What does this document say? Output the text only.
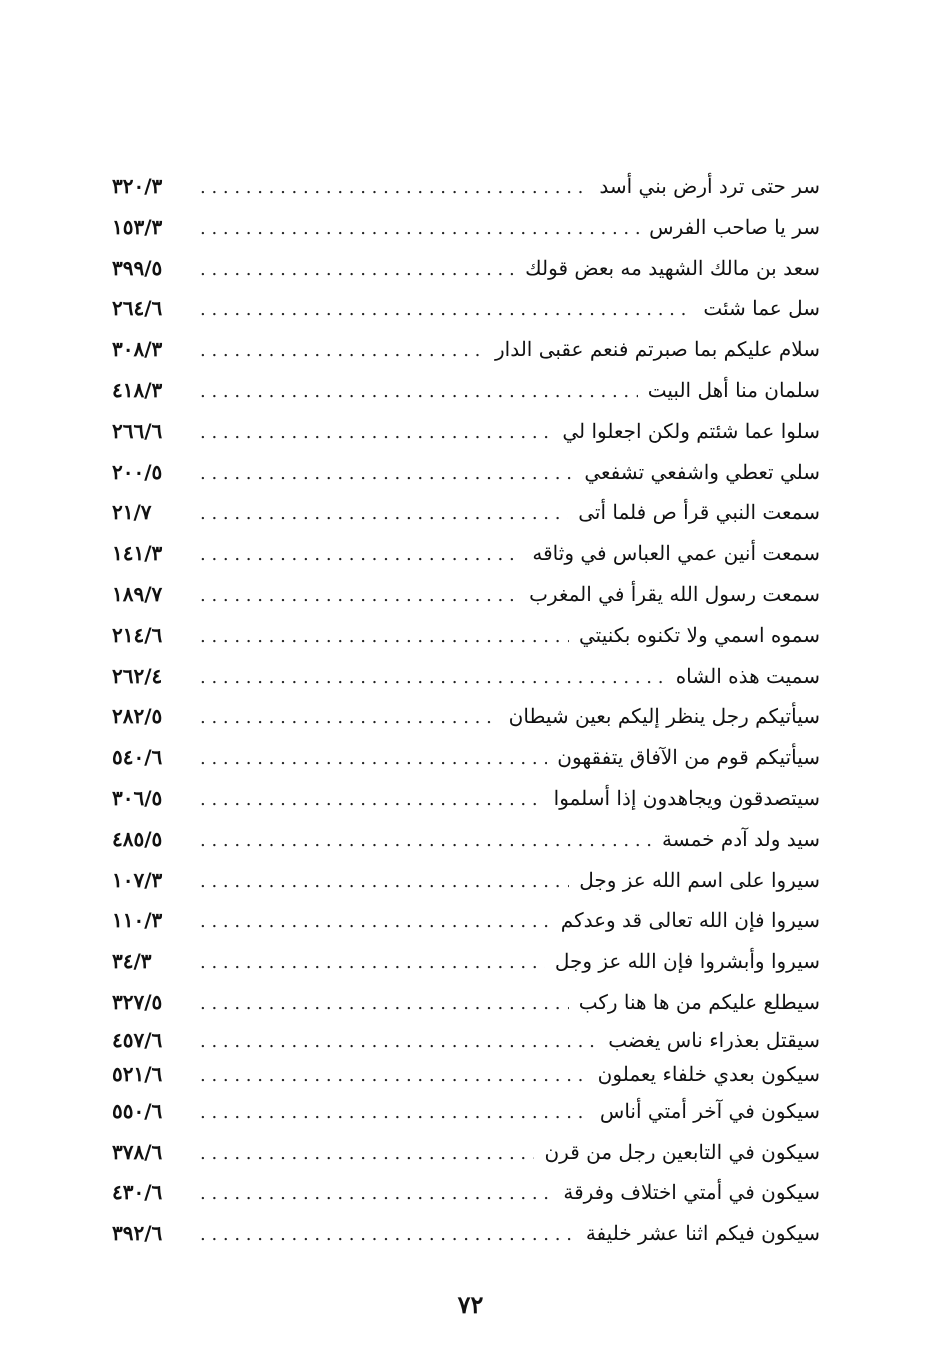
سر حتى ترد أرض بني أسد
. . .
٣٢٠/٣
سر يا صاحب الفرس
. . .
١٥٣/٣
سعد بن مالك الشهيد مه بعض قولك
. . .
٣٩٩/٥
سل عما شئت
. . .
٢٦٤/٦
سلام عليكم بما صبرتم فنعم عقبى الدار
. . .
٣٠٨/٣
سلمان منا أهل البيت
. . .
٤١٨/٣
سلوا عما شئتم ولكن اجعلوا لي
. . .
٢٦٦/٦
سلي تعطي واشفعي تشفعي
. . .
٢٠٠/٥
سمعت النبي قرأ ص فلما أتى
. . .
٢١/٧
سمعت أنين عمي العباس في وثاقه
. . .
١٤١/٣
سمعت رسول الله يقرأ في المغرب
. . .
١٨٩/٧
سموه اسمي ولا تكنوه بكنيتي
. . .
٢١٤/٦
سميت هذه الشاه
. . .
٢٦٢/٤
سيأتيكم رجل ينظر إليكم بعين شيطان
. . .
٢٨٢/٥
سيأتيكم قوم من الآفاق يتفقهون
. . .
٥٤٠/٦
سيتصدقون ويجاهدون إذا أسلموا
. . .
٣٠٦/٥
سيد ولد آدم خمسة
. . .
٤٨٥/٥
سيروا على اسم الله عز وجل
. . .
١٠٧/٣
سيروا فإن الله تعالى قد وعدكم
. . .
١١٠/٣
سيروا وأبشروا فإن الله عز وجل
. . .
٣٤/٣
سيطلع عليكم من ها هنا ركب
. . .
٣٢٧/٥
سيقتل بعذراء ناس يغضب
. . .
٤٥٧/٦
سيكون بعدي خلفاء يعملون
. . .
٥٢١/٦
سيكون في آخر أمتي أناس
. . .
٥٥٠/٦
سيكون في التابعين رجل من قرن
. . .
٣٧٨/٦
سيكون في أمتي اختلاف وفرقة
. . .
٤٣٠/٦
سيكون فيكم اثنا عشر خليفة
. . .
٣٩٢/٦
٧٢
